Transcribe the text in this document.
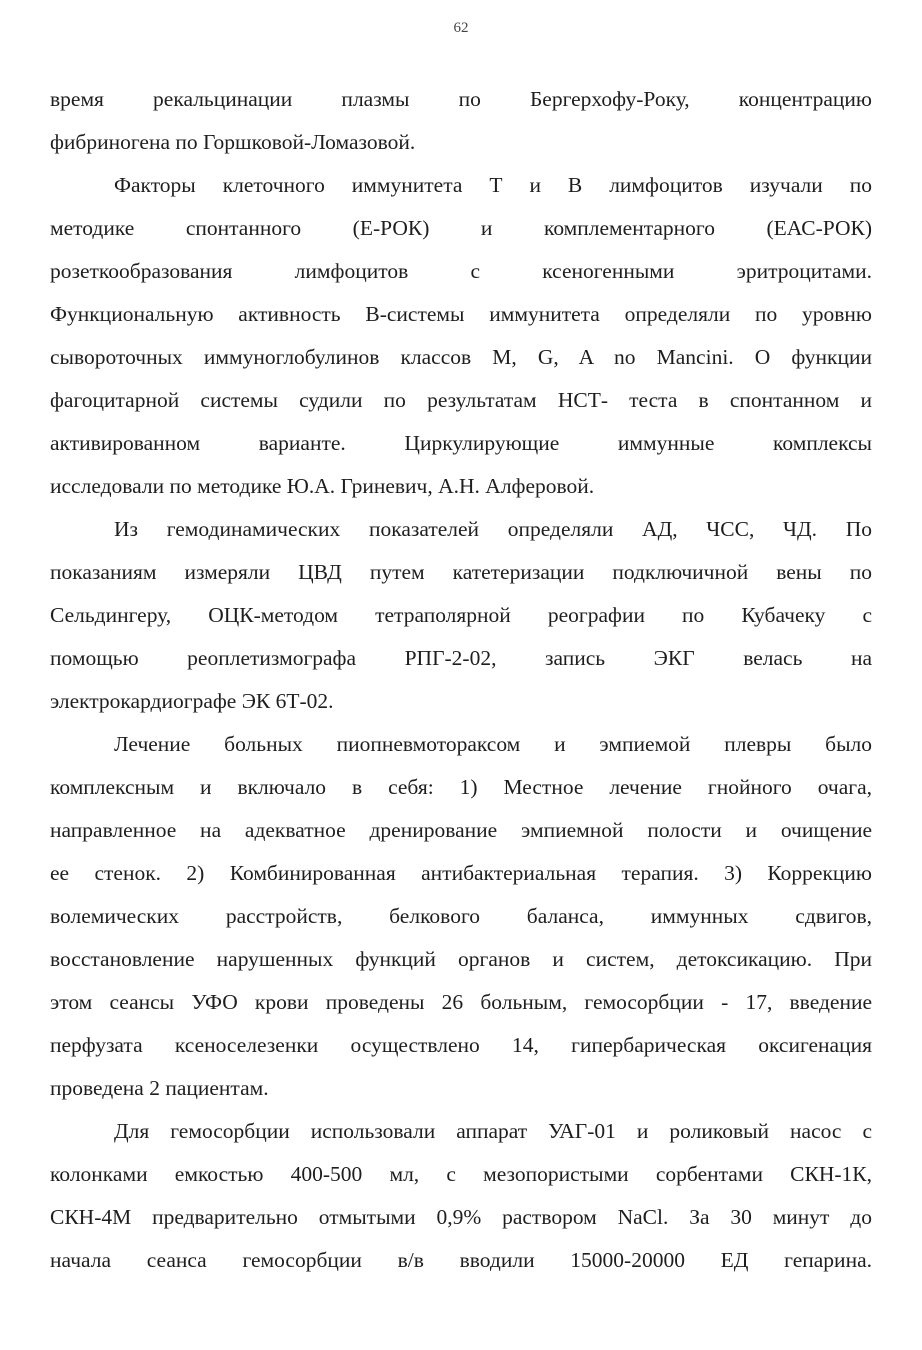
62
время рекальцинации плазмы по Бергерхофу-Року, концентрацию
фибриногена по Горшковой-Ломазовой.
Факторы клеточного иммунитета Т и В лимфоцитов изучали по
методике спонтанного (Е-РОК) и комплементарного (ЕАС-РОК)
розеткообразования лимфоцитов с ксеногенными эритроцитами.
Функциональную активность В-системы иммунитета определяли по уровню
сывороточных иммуноглобулинов классов М, G, A no Mancini. О функции
фагоцитарной системы судили по результатам НСТ- теста в спонтанном и
активированном варианте. Циркулирующие иммунные комплексы
исследовали по методике Ю.А. Гриневич, А.Н. Алферовой.
Из гемодинамических показателей определяли АД, ЧСС, ЧД. По
показаниям измеряли ЦВД путем катетеризации подключичной вены по
Сельдингеру, ОЦК-методом тетраполярной реографии по Кубачеку с
помощью реоплетизмографа РПГ-2-02, запись ЭКГ велась на
электрокардиографе ЭК 6Т-02.
Лечение больных пиопневмотораксом и эмпиемой плевры было
комплексным и включало в себя: 1) Местное лечение гнойного очага,
направленное на адекватное дренирование эмпиемной полости и очищение
ее стенок. 2) Комбинированная антибактериальная терапия. 3) Коррекцию
волемических расстройств, белкового баланса, иммунных сдвигов,
восстановление нарушенных функций органов и систем, детоксикацию. При
этом сеансы УФО крови проведены 26 больным, гемосорбции - 17, введение
перфузата ксеноселезенки осуществлено 14, гипербарическая оксигенация
проведена 2 пациентам.
Для гемосорбции использовали аппарат УАГ-01 и роликовый насос с
колонками емкостью 400-500 мл, с мезопористыми сорбентами СКН-1К,
СКН-4М предварительно отмытыми 0,9% раствором NaCl. За 30 минут до
начала сеанса гемосорбции в/в вводили 15000-20000 ЕД гепарина.
